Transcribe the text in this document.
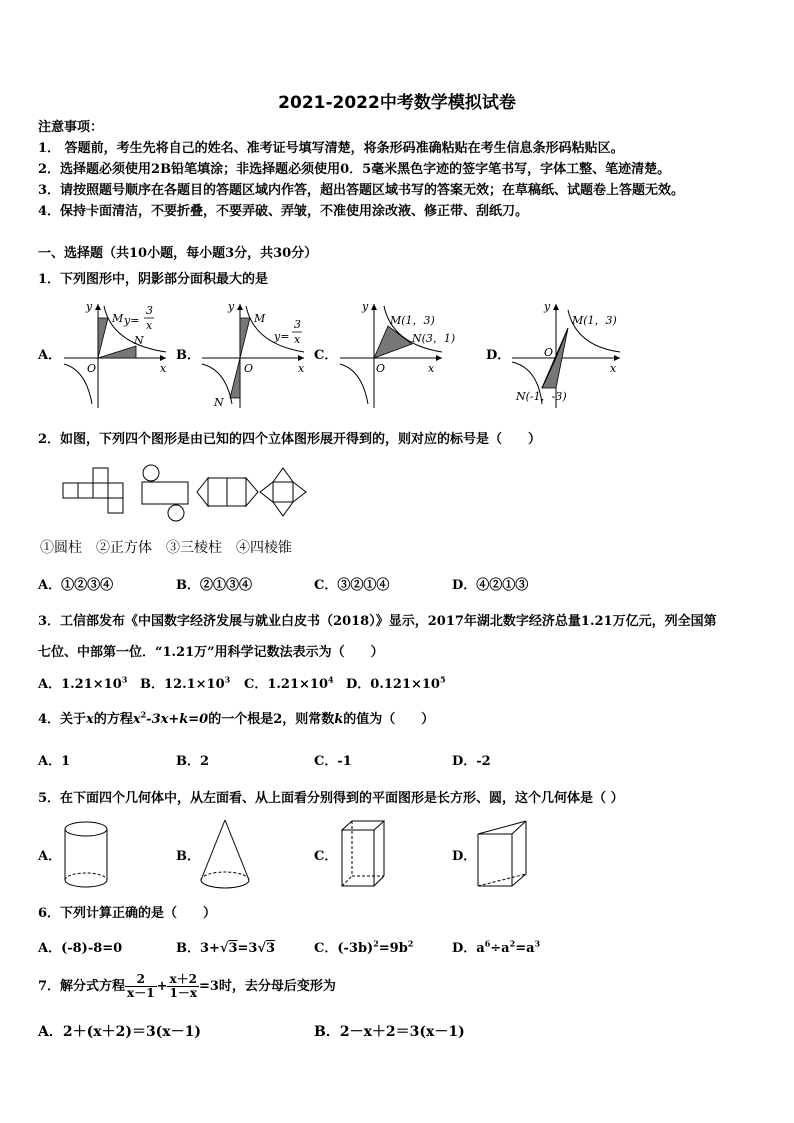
2021-2022中考数学模拟试卷
注意事项：
1． 答题前，考生先将自己的姓名、准考证号填写清楚，将条形码准确粘贴在考生信息条形码粘贴区。
2．选择题必须使用2B铅笔填涂；非选择题必须使用0．5毫米黑色字迹的签字笔书写，字体工整、笔迹清楚。
3．请按照题号顺序在各题目的答题区域内作答，超出答题区域书写的答案无效；在草稿纸、试题卷上答题无效。
4．保持卡面清洁，不要折叠，不要弄破、弄皱，不准使用涂改液、修正带、刮纸刀。
一、选择题（共10小题，每小题3分，共30分）
1．下列图形中，阴影部分面积最大的是
A．
y
x
O
M
N
y=
3
x
B．
y
x
O
M
N
y=
3
x
C．
y
x
O
M(1，3)
N(3，1)
D．
y
x
O
M(1，3)
N(-1，-3)
2．如图，下列四个图形是由已知的四个立体图形展开得到的，则对应的标号是（　　）
①圆柱　②正方体　③三棱柱　④四棱锥
A．①②③④	B．②①③④	C．③②①④	D．④②①③
3．工信部发布《中国数字经济发展与就业白皮书（2018）》显示，2017年湖北数字经济总量1.21万亿元，列全国第
七位、中部第一位．“1.21万”用科学记数法表示为（　　）
A．$1.21\times 10^3$ B．$12.1\times 10^3$ C．$1.21\times 10^4$ D．$0.121\times 10^5$
4．关于x的方程$x^2-3x+k=0$的一个根是2，则常数k的值为（　　）
A．1	B．2	C．-1	D．-2
5．在下面四个几何体中，从左面看、从上面看分别得到的平面图形是长方形、圆，这个几何体是（ ）
A．	B．	C．	D．
6．下列计算正确的是（　　）
A．(-8)-8=0	B．3+√3=3√3	C．$(-3b)^2=9b^2$	D．$a^6\div a^2=a^3$
7．解分式方程 $\frac{2}{x-1} + \frac{x+2}{1-x} =3$时，去分母后变形为
A．2＋(x＋2)＝3(x－1)	B．2－x＋2＝3(x－1)
